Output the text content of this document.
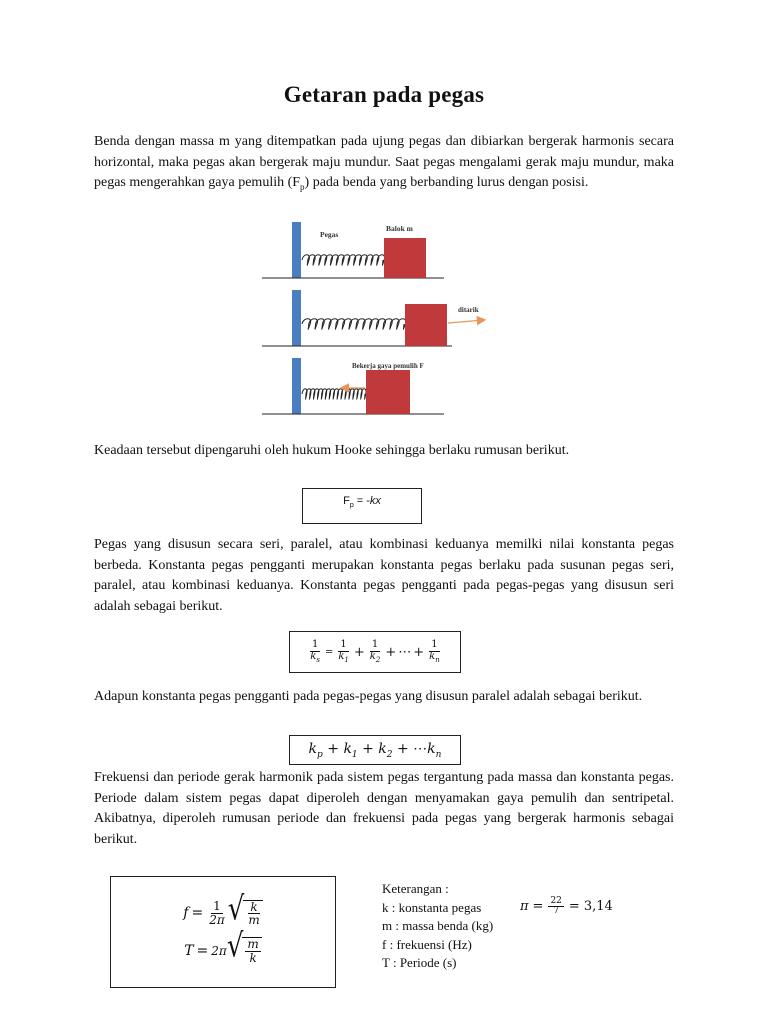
Getaran pada pegas

Benda dengan massa m yang ditempatkan pada ujung pegas dan dibiarkan bergerak harmonis secara horizontal, maka pegas akan bergerak maju mundur. Saat pegas mengalami gerak maju mundur, maka pegas mengerahkan gaya pemulih $(F_p)$ pada benda yang berbanding lurus dengan posisi.

Pegas
Balok m
ditarik
Bekerja gaya pemulih F

Keadaan tersebut dipengaruhi oleh hukum Hooke sehingga berlaku rumusan berikut.

$F_p = -kx$

Pegas yang disusun secara seri, paralel, atau kombinasi keduanya memilki nilai konstanta pegas berbeda. Konstanta pegas pengganti merupakan konstanta pegas berlaku pada susunan pegas seri, paralel, atau kombinasi keduanya. Konstanta pegas pengganti pada pegas-pegas yang disusun seri adalah sebagai berikut.

$\frac{1}{k_s} = \frac{1}{k_1} + \frac{1}{k_2}$ + ⋯ + $\frac{1}{k_n}$

Adapun konstanta pegas pengganti pada pegas-pegas yang disusun paralel adalah sebagai berikut.

$k_p + k_1 + k_2$ + $\cdots k_n$

Frekuensi dan periode gerak harmonik pada sistem pegas tergantung pada massa dan konstanta pegas. Periode dalam sistem pegas dapat diperoleh dengan menyamakan gaya pemulih dan sentripetal. Akibatnya, diperoleh rumusan periode dan frekuensi pada pegas yang bergerak harmonis sebagai berikut.

$f = \frac{1}{2\pi}$ √ $\frac{k}{m}$
T = 2π √ $\frac{m}{k}$
Keterangan :
k : konstanta pegas
m : massa benda (kg)
f : frekuensi (Hz)
T : Periode (s)
$\pi = \frac{22}{7} = 3,14$
